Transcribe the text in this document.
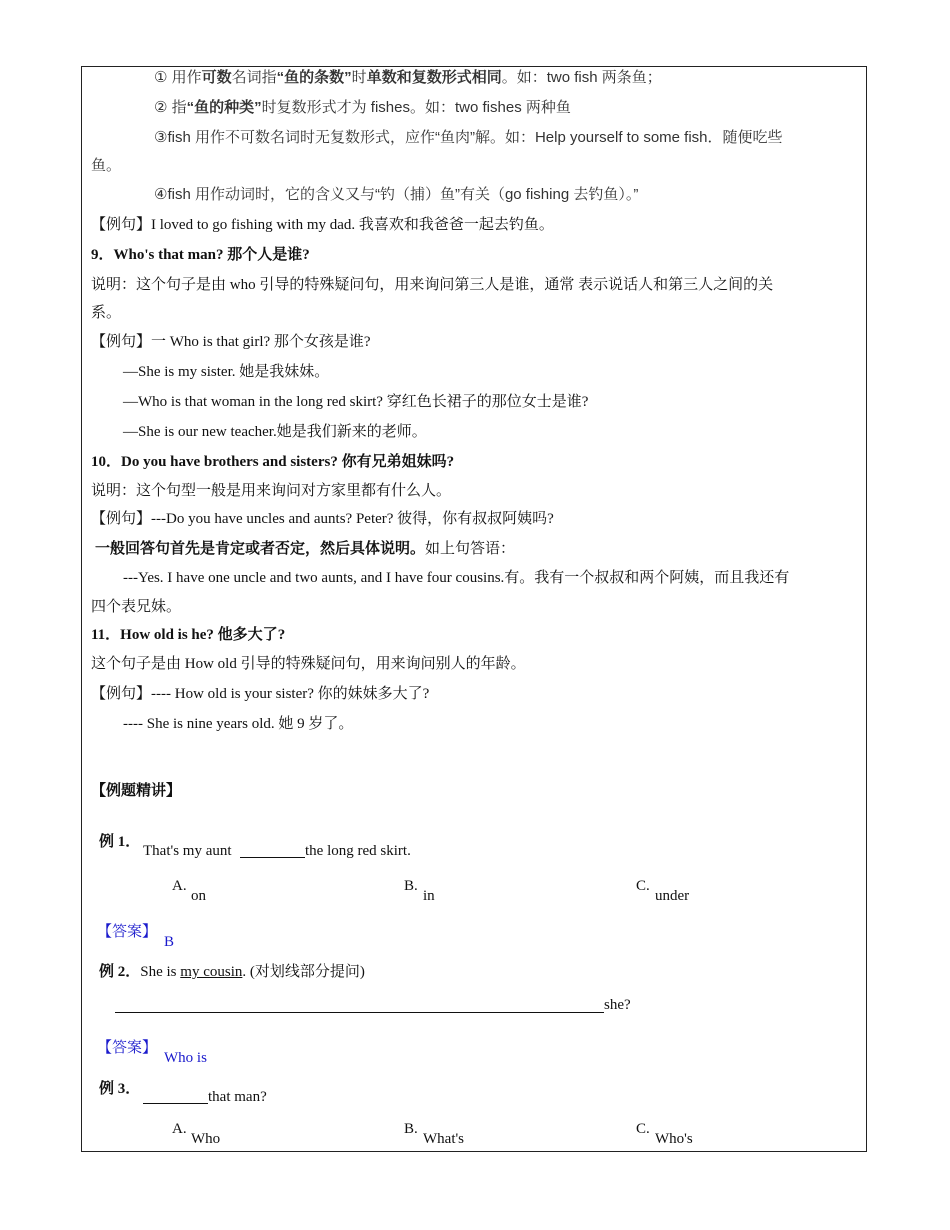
① 用作可数名词指“鱼的条数”时单数和复数形式相同。如：two fish 两条鱼；
② 指“鱼的种类”时复数形式才为 fishes。如：two fishes 两种鱼
③fish 用作不可数名词时无复数形式，应作“鱼肉”解。如：Help yourself to some fish．随便吃些
鱼。
④fish 用作动词时，它的含义又与“钓（捕）鱼”有关（go fishing 去钓鱼）。”
【例句】I loved to go fishing with my dad. 我喜欢和我爸爸一起去钓鱼。
9．Who's that man? 那个人是谁?
说明：这个句子是由 who 引导的特殊疑问句，用来询问第三人是谁，通常 表示说话人和第三人之间的关
系。
【例句】一 Who is that girl? 那个女孩是谁?
—She is my sister. 她是我妹妹。
—Who is that woman in the long red skirt? 穿红色长裙子的那位女士是谁?
—She is our new teacher.她是我们新来的老师。
10．Do you have brothers and sisters? 你有兄弟姐妹吗?
说明：这个句型一般是用来询问对方家里都有什么人。
【例句】---Do you have uncles and aunts? Peter? 彼得，你有叔叔阿姨吗?
一般回答句首先是肯定或者否定，然后具体说明。如上句答语：
---Yes. I have one uncle and two aunts, and I have four cousins.有。我有一个叔叔和两个阿姨，而且我还有
四个表兄妹。
11．How old is he? 他多大了?
这个句子是由 How old 引导的特殊疑问句，用来询问别人的年龄。
【例句】---- How old is your sister? 你的妹妹多大了?
---- She is nine years old. 她 9 岁了。
【例题精讲】
例 1．
That's my aunt	the long red skirt.
A.
on
B.
in
C.
under
【答案】
B
例 2．She is my cousin. (对划线部分提问)
she?
【答案】
Who is
例 3．	that man?
A.
Who
B.
What's
C.
Who's
